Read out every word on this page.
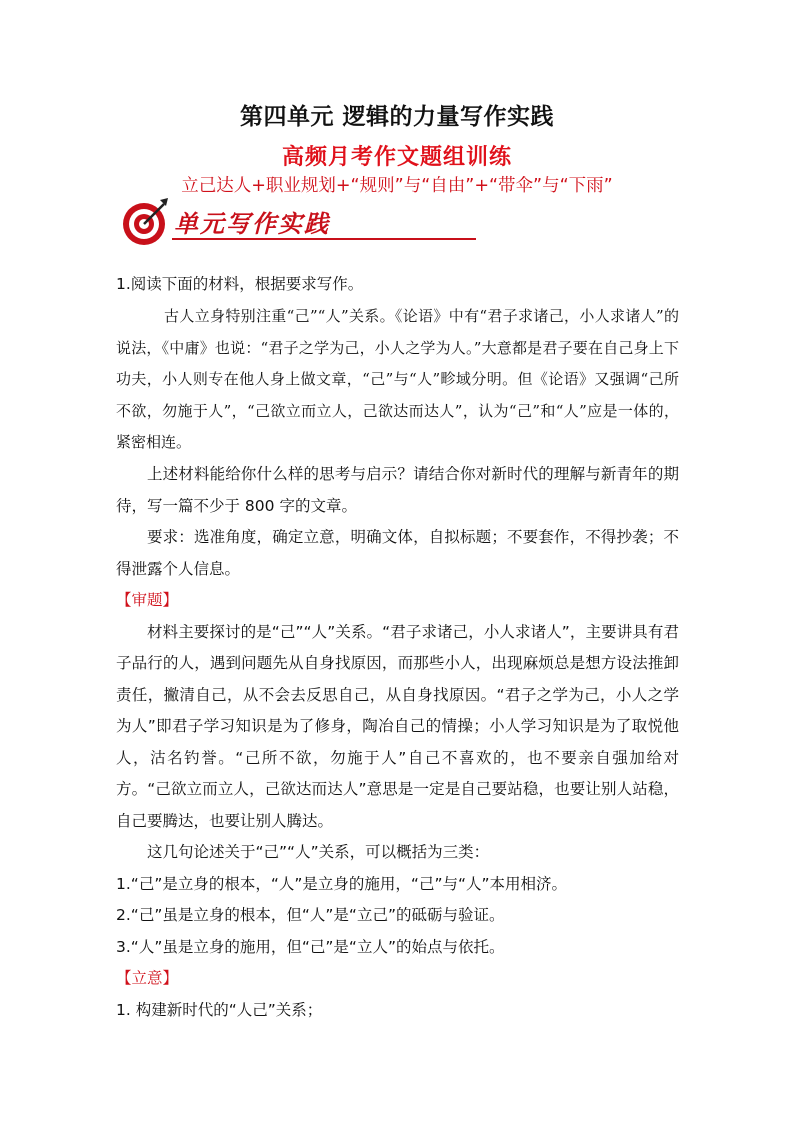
第四单元 逻辑的力量写作实践
高频月考作文题组训练
立己达人+职业规划+“规则”与“自由”+“带伞”与“下雨”
单元写作实践

1.阅读下面的材料，根据要求写作。

古人立身特别注重“己”“人”关系。《论语》中有“君子求诸己，小人求诸人”的说法，《中庸》也说：“君子之学为己，小人之学为人。”大意都是君子要在自己身上下功夫，小人则专在他人身上做文章，“己”与“人”畛域分明。但《论语》又强调“己所不欲，勿施于人”，“己欲立而立人，己欲达而达人”，认为“己”和“人”应是一体的，紧密相连。

上述材料能给你什么样的思考与启示？请结合你对新时代的理解与新青年的期待，写一篇不少于 800 字的文章。

要求：选准角度，确定立意，明确文体，自拟标题；不要套作，不得抄袭；不得泄露个人信息。

【审题】

材料主要探讨的是“己”“人”关系。“君子求诸己，小人求诸人”，主要讲具有君子品行的人，遇到问题先从自身找原因，而那些小人，出现麻烦总是想方设法推卸责任，撇清自己，从不会去反思自己，从自身找原因。“君子之学为己，小人之学为人”即君子学习知识是为了修身，陶冶自己的情操；小人学习知识是为了取悦他人，沽名钓誉。“己所不欲，勿施于人”自己不喜欢的，也不要亲自强加给对方。“己欲立而立人，己欲达而达人”意思是一定是自己要站稳，也要让别人站稳，自己要腾达，也要让别人腾达。

这几句论述关于“己”“人”关系，可以概括为三类：

1.“己”是立身的根本，“人”是立身的施用，“己”与“人”本用相济。

2.“己”虽是立身的根本，但“人”是“立己”的砥砺与验证。

3.“人”虽是立身的施用，但“己”是“立人”的始点与依托。

【立意】

1. 构建新时代的“人己”关系；
